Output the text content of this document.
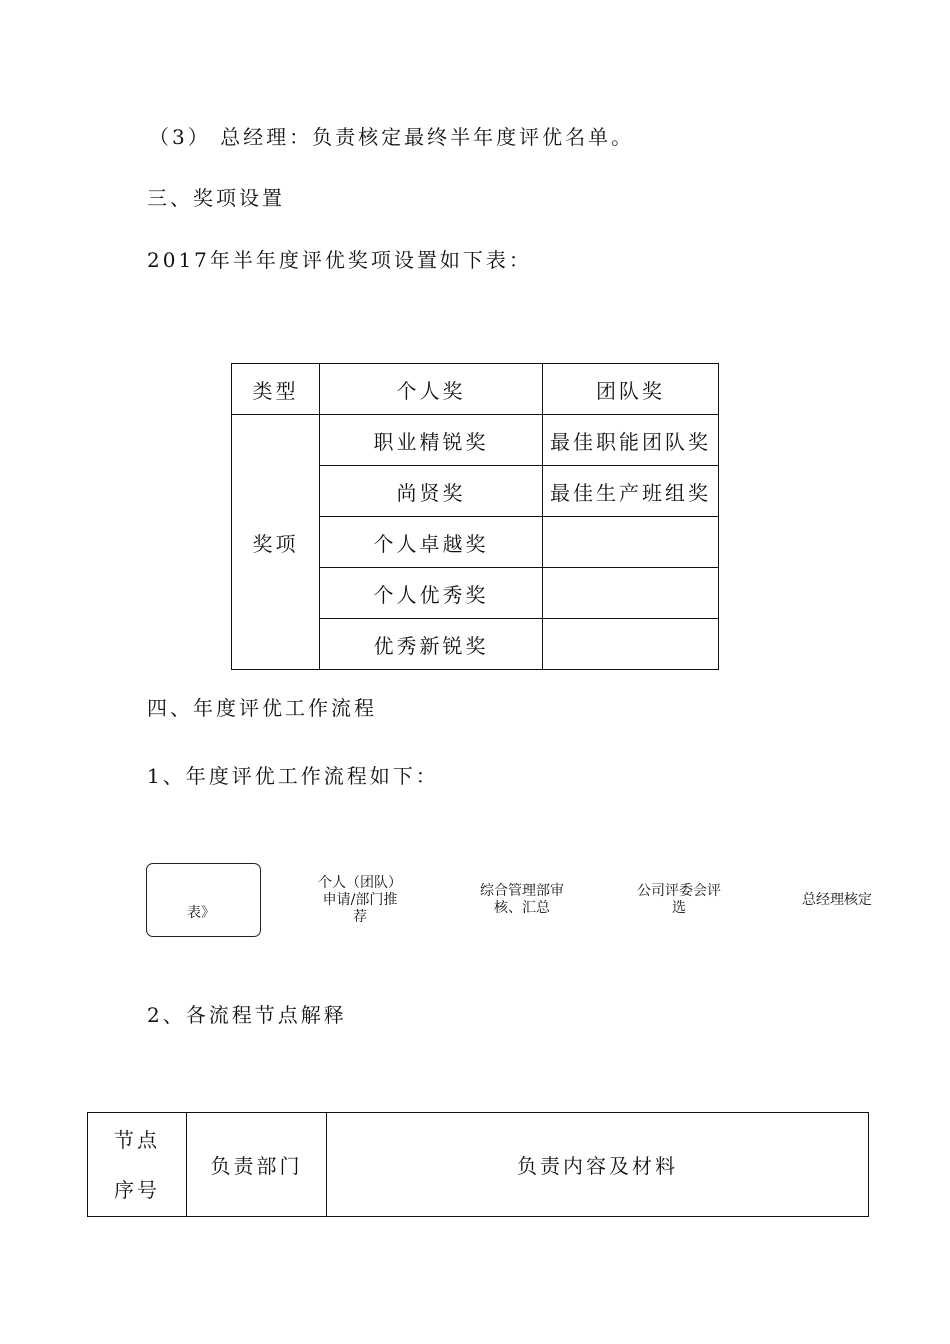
（3） 总经理：负责核定最终半年度评优名单。

三、奖项设置

2017年半年度评优奖项设置如下表：

类型	个人奖	团队奖
奖项	职业精锐奖	最佳职能团队奖
	尚贤奖	最佳生产班组奖
	个人卓越奖	
	个人优秀奖	
	优秀新锐奖	

四、年度评优工作流程

1、年度评优工作流程如下：

表》
个人（团队）
申请/部门推
荐
综合管理部审
核、汇总
公司评委会评
选	总经理核定

2、各流程节点解释

节点
序号
	负责部门	负责内容及材料
